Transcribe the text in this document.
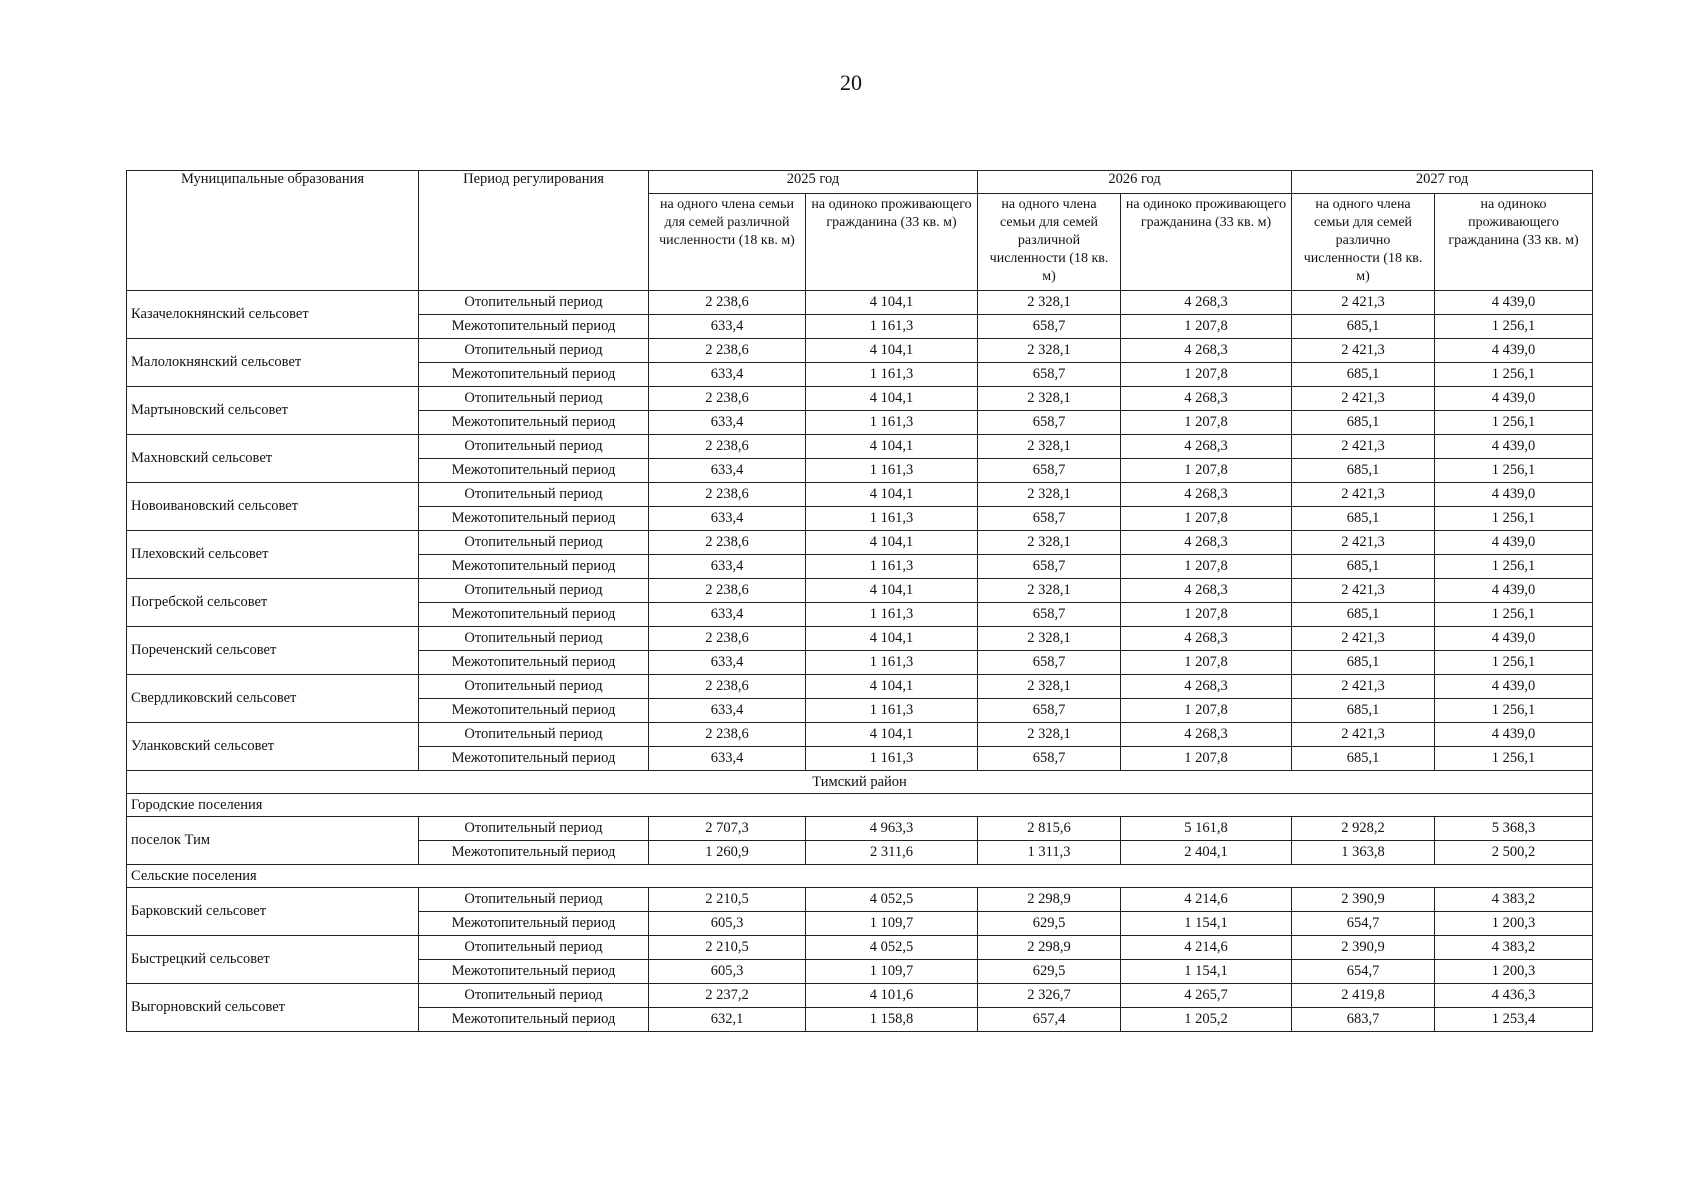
20
Муниципальные образования	Период регулирования	2025 год		2026 год		2027 год	
		на одного члена семьи для семей различной численности (18 кв. м)	на одиноко проживающего гражданина (33 кв. м)	на одного члена семьи для семей различной численности (18 кв. м)	на одиноко проживающего гражданина (33 кв. м)	на одного члена семьи для семей различно численности (18 кв. м)	на одиноко проживающего гражданина (33 кв. м)
Казачелокнянский сельсовет	Отопительный период	2 238,6	4 104,1	2 328,1	4 268,3	2 421,3	4 439,0
	Межотопительный период	633,4	1 161,3	658,7	1 207,8	685,1	1 256,1
Малолокнянский сельсовет	Отопительный период	2 238,6	4 104,1	2 328,1	4 268,3	2 421,3	4 439,0
	Межотопительный период	633,4	1 161,3	658,7	1 207,8	685,1	1 256,1
Мартыновский сельсовет	Отопительный период	2 238,6	4 104,1	2 328,1	4 268,3	2 421,3	4 439,0
	Межотопительный период	633,4	1 161,3	658,7	1 207,8	685,1	1 256,1
Махновский сельсовет	Отопительный период	2 238,6	4 104,1	2 328,1	4 268,3	2 421,3	4 439,0
	Межотопительный период	633,4	1 161,3	658,7	1 207,8	685,1	1 256,1
Новоивановский сельсовет	Отопительный период	2 238,6	4 104,1	2 328,1	4 268,3	2 421,3	4 439,0
	Межотопительный период	633,4	1 161,3	658,7	1 207,8	685,1	1 256,1
Плеховский сельсовет	Отопительный период	2 238,6	4 104,1	2 328,1	4 268,3	2 421,3	4 439,0
	Межотопительный период	633,4	1 161,3	658,7	1 207,8	685,1	1 256,1
Погребской сельсовет	Отопительный период	2 238,6	4 104,1	2 328,1	4 268,3	2 421,3	4 439,0
	Межотопительный период	633,4	1 161,3	658,7	1 207,8	685,1	1 256,1
Пореченский сельсовет	Отопительный период	2 238,6	4 104,1	2 328,1	4 268,3	2 421,3	4 439,0
	Межотопительный период	633,4	1 161,3	658,7	1 207,8	685,1	1 256,1
Свердликовский сельсовет	Отопительный период	2 238,6	4 104,1	2 328,1	4 268,3	2 421,3	4 439,0
	Межотопительный период	633,4	1 161,3	658,7	1 207,8	685,1	1 256,1
Уланковский сельсовет	Отопительный период	2 238,6	4 104,1	2 328,1	4 268,3	2 421,3	4 439,0
	Межотопительный период	633,4	1 161,3	658,7	1 207,8	685,1	1 256,1
Тимский район							
Городские поселения							
поселок Тим	Отопительный период	2 707,3	4 963,3	2 815,6	5 161,8	2 928,2	5 368,3
	Межотопительный период	1 260,9	2 311,6	1 311,3	2 404,1	1 363,8	2 500,2
Сельские поселения							
Барковский сельсовет	Отопительный период	2 210,5	4 052,5	2 298,9	4 214,6	2 390,9	4 383,2
	Межотопительный период	605,3	1 109,7	629,5	1 154,1	654,7	1 200,3
Быстрецкий сельсовет	Отопительный период	2 210,5	4 052,5	2 298,9	4 214,6	2 390,9	4 383,2
	Межотопительный период	605,3	1 109,7	629,5	1 154,1	654,7	1 200,3
Выгорновский сельсовет	Отопительный период	2 237,2	4 101,6	2 326,7	4 265,7	2 419,8	4 436,3
	Межотопительный период	632,1	1 158,8	657,4	1 205,2	683,7	1 253,4
